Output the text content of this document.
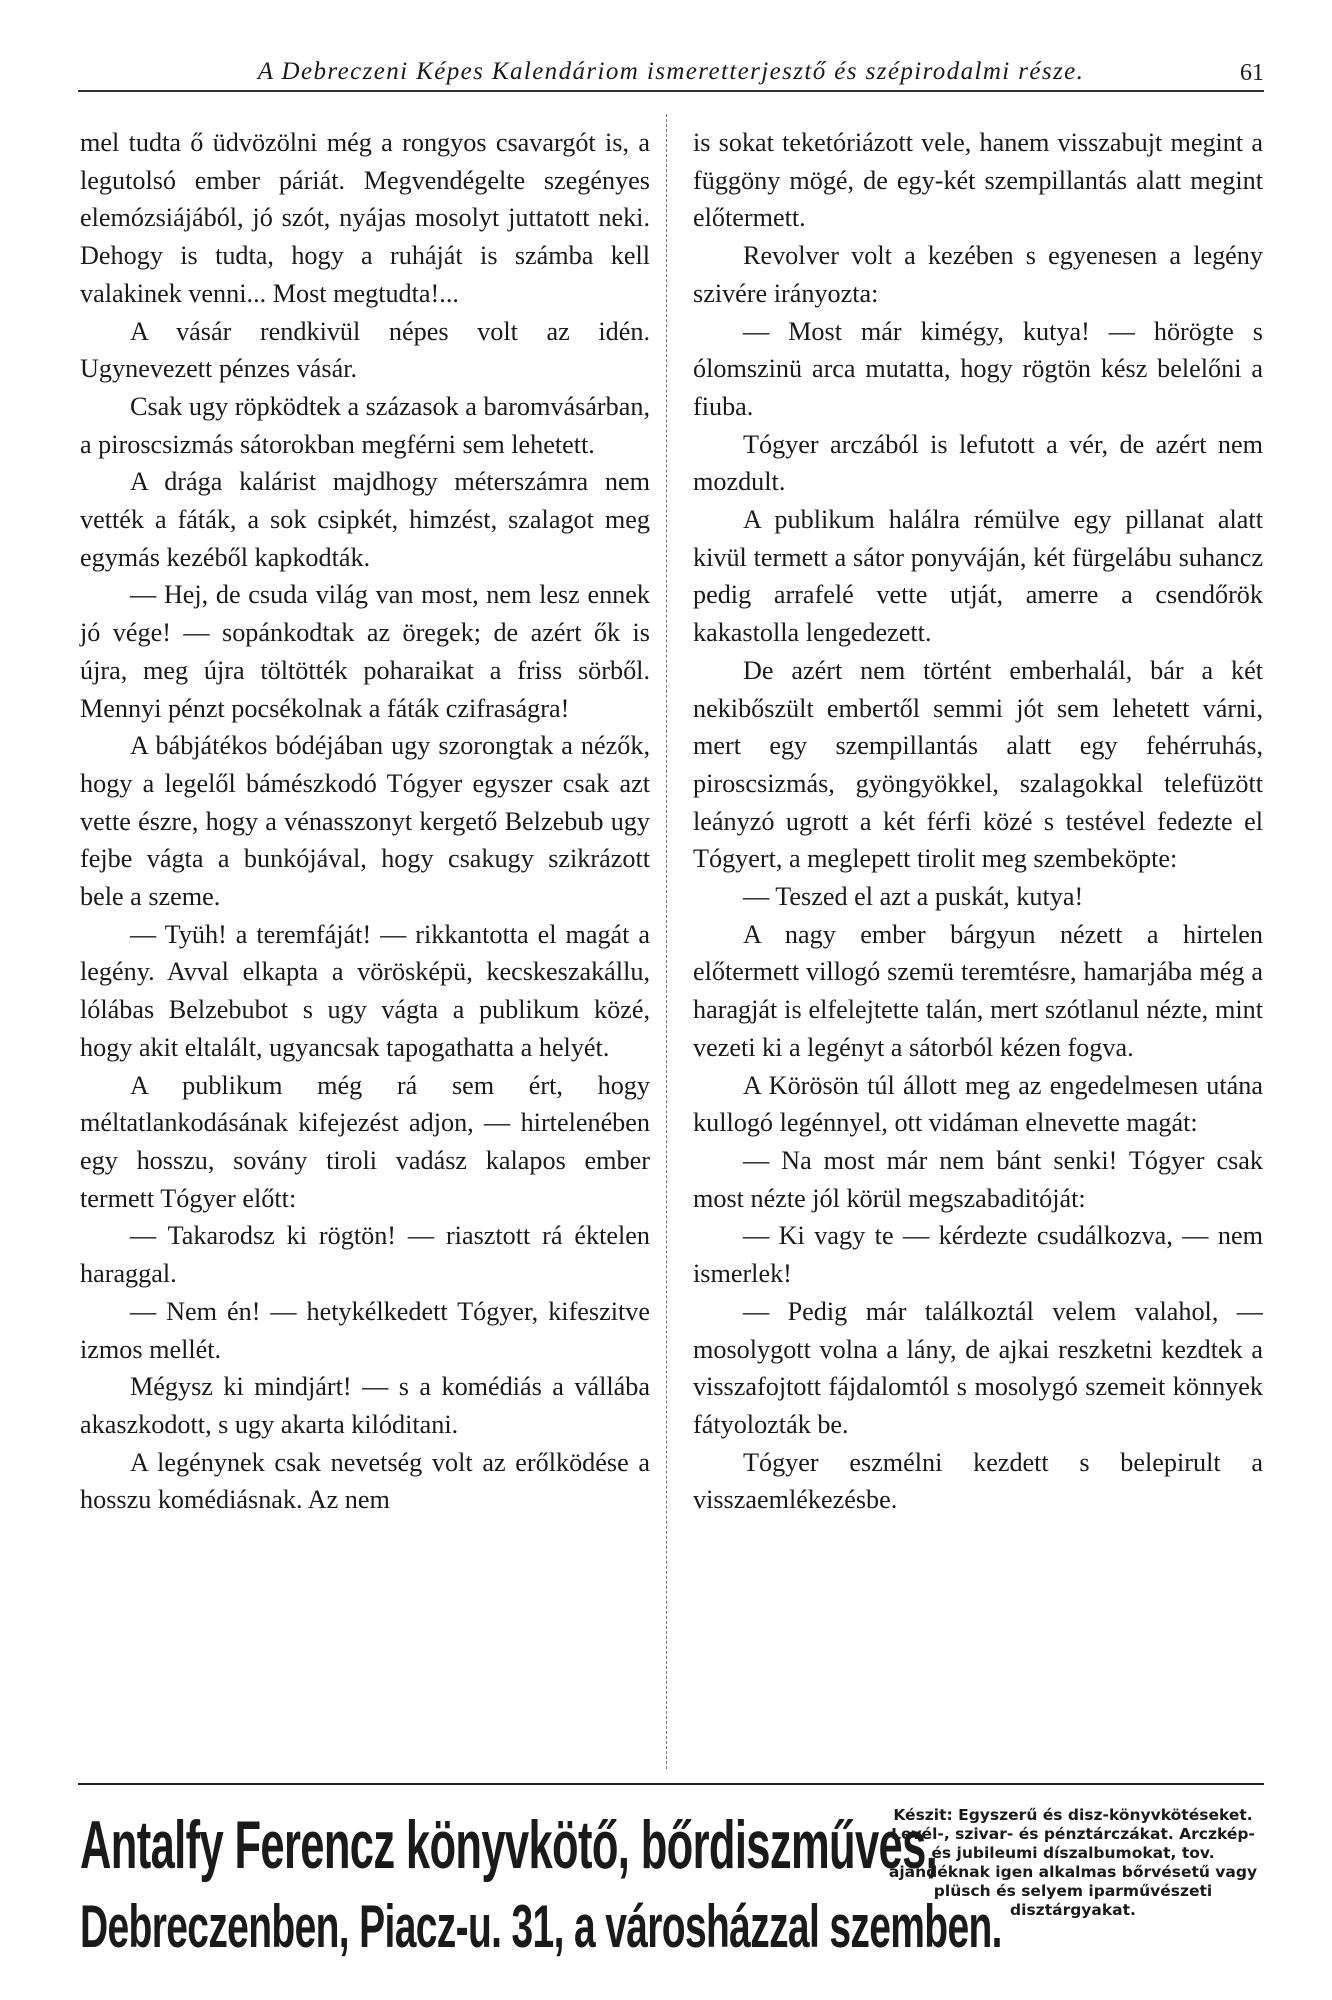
A Debreczeni Képes Kalendáriom ismeretterjesztő és szépirodalmi része.	61

mel tudta ő üdvözölni még a rongyos csavargót is, a legutolsó ember páriát. Megvendégelte szegényes elemózsiájából, jó szót, nyájas mosolyt juttatott neki. Dehogy is tudta, hogy a ruháját is számba kell valakinek venni... Most megtudta!...

A vásár rendkivül népes volt az idén. Ugynevezett pénzes vásár.

Csak ugy röpködtek a százasok a baromvásárban, a piroscsizmás sátorokban megférni sem lehetett.

A drága kalárist majdhogy méterszámra nem vették a fáták, a sok csipkét, himzést, szalagot meg egymás kezéből kapkodták.

— Hej, de csuda világ van most, nem lesz ennek jó vége! — sopánkodtak az öregek; de azért ők is újra, meg újra töltötték poharaikat a friss sörből. Mennyi pénzt pocsékolnak a fáták czifraságra!

A bábjátékos bódéjában ugy szorongtak a nézők, hogy a legelől bámészkodó Tógyer egyszer csak azt vette észre, hogy a vénasszonyt kergető Belzebub ugy fejbe vágta a bunkójával, hogy csakugy szikrázott bele a szeme.

— Tyüh! a teremfáját! — rikkantotta el magát a legény. Avval elkapta a vörösképü, kecskeszakállu, lólábas Belzebubot s ugy vágta a publikum közé, hogy akit eltalált, ugyancsak tapogathatta a helyét.

A publikum még rá sem ért, hogy méltatlankodásának kifejezést adjon, — hirtelenében egy hosszu, sovány tiroli vadász kalapos ember termett Tógyer előtt:

— Takarodsz ki rögtön! — riasztott rá éktelen haraggal.

— Nem én! — hetykélkedett Tógyer, kifeszitve izmos mellét.

Mégysz ki mindjárt! — s a komédiás a vállába akaszkodott, s ugy akarta kilóditani.

A legénynek csak nevetség volt az erőlködése a hosszu komédiásnak. Az nem

is sokat teketóriázott vele, hanem visszabujt megint a függöny mögé, de egy-két szempillantás alatt megint előtermett.

Revolver volt a kezében s egyenesen a legény szivére irányozta:

— Most már kimégy, kutya! — hörögte s ólomszinü arca mutatta, hogy rögtön kész belelőni a fiuba.

Tógyer arczából is lefutott a vér, de azért nem mozdult.

A publikum halálra rémülve egy pillanat alatt kivül termett a sátor ponyváján, két fürgelábu suhancz pedig arrafelé vette utját, amerre a csendőrök kakastolla lengedezett.

De azért nem történt emberhalál, bár a két nekibőszült embertől semmi jót sem lehetett várni, mert egy szempillantás alatt egy fehérruhás, piroscsizmás, gyöngyökkel, szalagokkal telefüzött leányzó ugrott a két férfi közé s testével fedezte el Tógyert, a meglepett tirolit meg szembeköpte:

— Teszed el azt a puskát, kutya!

A nagy ember bárgyun nézett a hirtelen előtermett villogó szemü teremtésre, hamarjába még a haragját is elfelejtette talán, mert szótlanul nézte, mint vezeti ki a legényt a sátorból kézen fogva.

A Körösön túl állott meg az engedelmesen utána kullogó legénnyel, ott vidáman elnevette magát:

— Na most már nem bánt senki! Tógyer csak most nézte jól körül megszabaditóját:

— Ki vagy te — kérdezte csudálkozva, — nem ismerlek!

— Pedig már találkoztál velem valahol, — mosolygott volna a lány, de ajkai reszketni kezdtek a visszafojtott fájdalomtól s mosolygó szemeit könnyek fátyolozták be.

Tógyer eszmélni kezdett s belepirult a visszaemlékezésbe.

Antalfy Ferencz könyvkötő, bőrdiszműves,
Debreczenben, Piacz-u. 31, a városházzal szemben.
Készit: Egyszerű és disz-könyvkötéseket. Levél-, szivar- és pénztárczákat. Arczkép- és jubileumi díszalbumokat, tov. ajándéknak igen alkalmas bőrvésetű vagy plüsch és selyem iparművészeti disztárgyakat.
